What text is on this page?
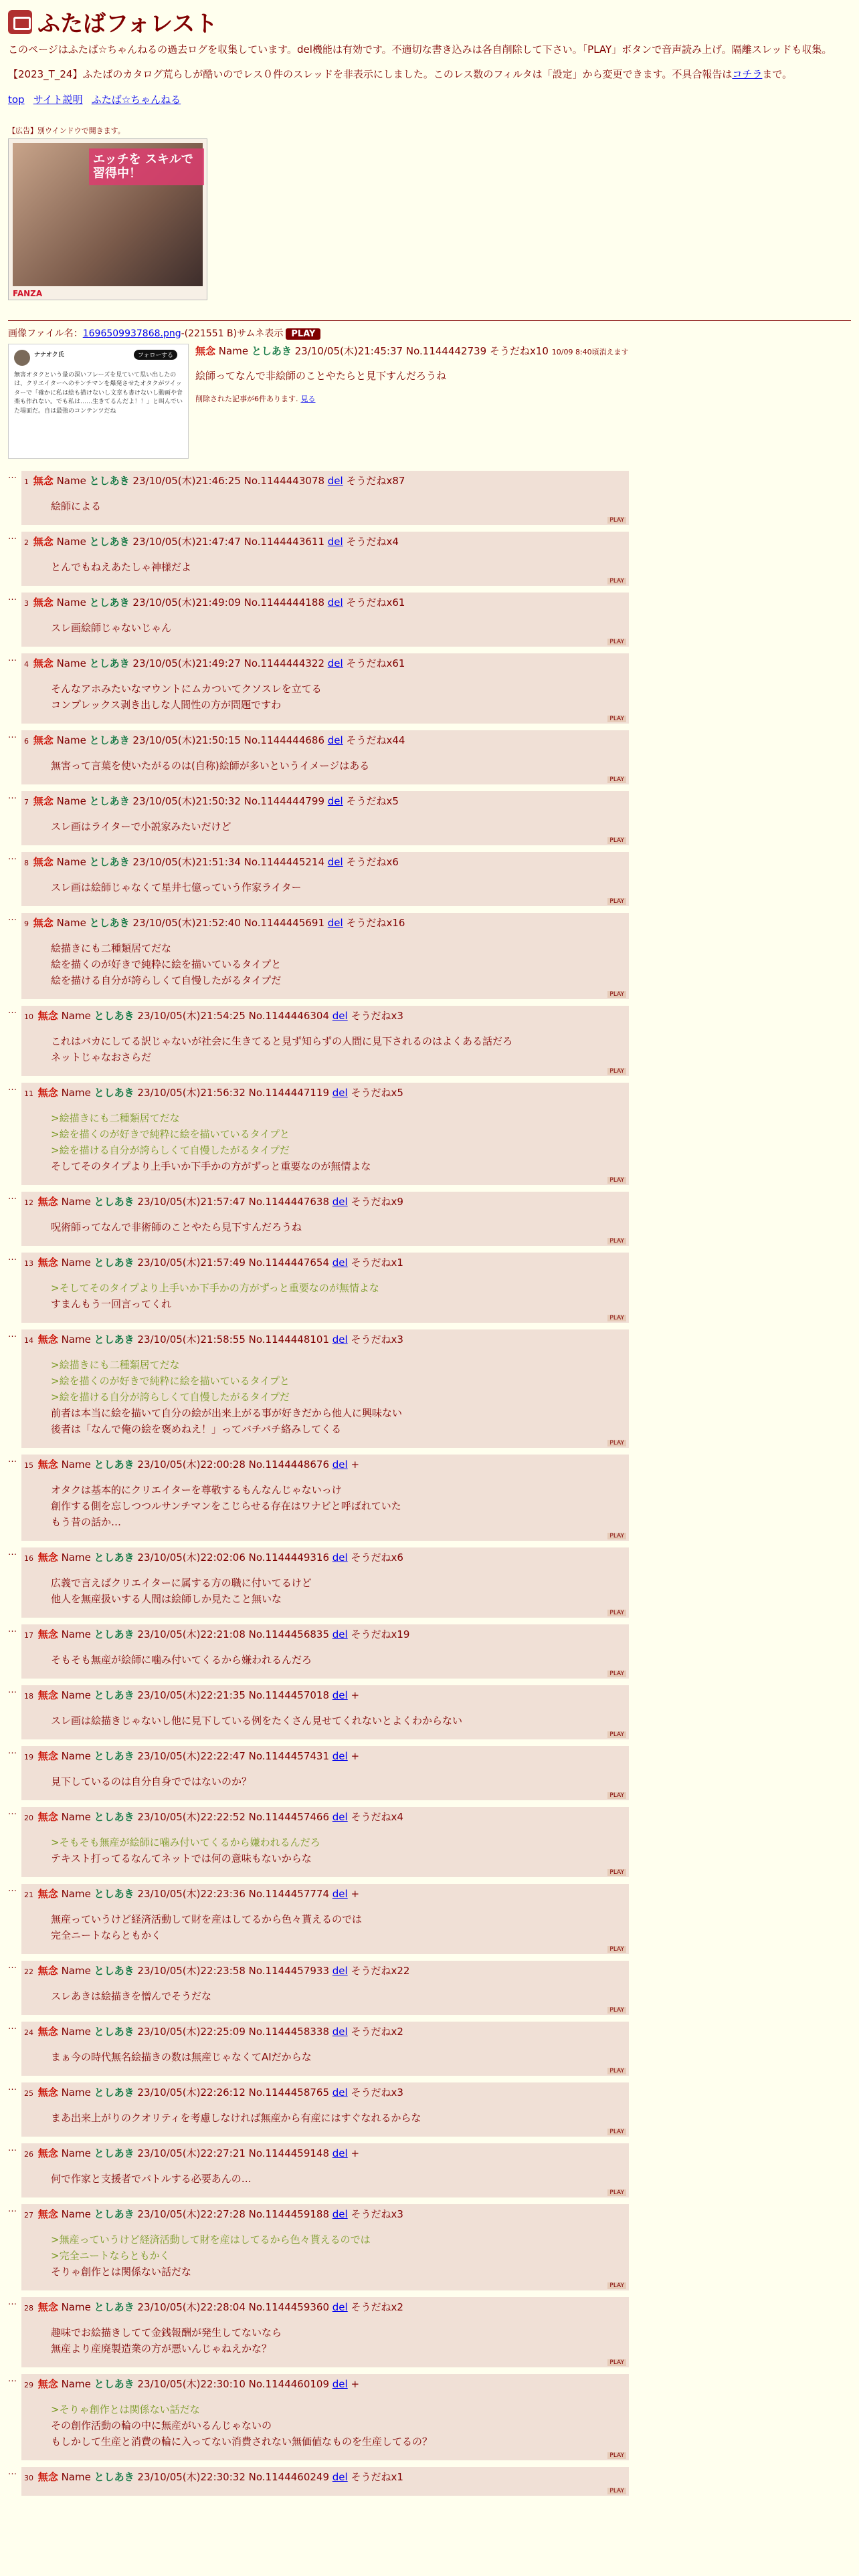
ふたばフォレスト

このページはふたば☆ちゃんねるの過去ログを収集しています。del機能は有効です。不適切な書き込みは各自削除して下さい。「PLAY」ボタンで音声読み上げ。隔離スレッドも収集。

【2023_T_24】ふたばのカタログ荒らしが酷いのでレス０件のスレッドを非表示にしました。このレス数のフィルタは「設定」から変更できます。不具合報告はコチラまで。

top サイト説明 ふたば☆ちゃんねる
【広告】別ウインドウで開きます。
エッチを スキルで習得中！
FANZA
画像ファイル名：1696509937868.png-(221551 B)サムネ表示 PLAY
ナナオク氏	フォローする
無害オタクという量の深いフレーズを見ていて思い出したのは、クリエイターへのサンチマンを爆発させたオタクがツイッターで「確かに私は絵も描けないし文章も書けないし動画や音楽も作れない。でも私は……生きてるんだよ！！」と叫んでいた場面だ。自は最強のコンテンツだね
無念 Name としあき 23/10/05(木)21:45:37 No.1144442739 そうだねx10 10/09 8:40頃消えます
絵師ってなんで非絵師のことやたらと見下すんだろうね
削除された記事が6件あります. 見る
…
1 無念 Name としあき 23/10/05(木)21:46:25 No.1144443078 del そうだねx87
絵師による
PLAY
…
2 無念 Name としあき 23/10/05(木)21:47:47 No.1144443611 del そうだねx4
とんでもねえあたしゃ神様だよ
PLAY
…
3 無念 Name としあき 23/10/05(木)21:49:09 No.1144444188 del そうだねx61
スレ画絵師じゃないじゃん
PLAY
…
4 無念 Name としあき 23/10/05(木)21:49:27 No.1144444322 del そうだねx61
そんなアホみたいなマウントにムカついてクソスレを立てる
コンプレックス剥き出しな人間性の方が問題ですわ
PLAY
…
6 無念 Name としあき 23/10/05(木)21:50:15 No.1144444686 del そうだねx44
無害って言葉を使いたがるのは(自称)絵師が多いというイメージはある
PLAY
…
7 無念 Name としあき 23/10/05(木)21:50:32 No.1144444799 del そうだねx5
スレ画はライターで小説家みたいだけど
PLAY
…
8 無念 Name としあき 23/10/05(木)21:51:34 No.1144445214 del そうだねx6
スレ画は絵師じゃなくて星井七億っていう作家ライター
PLAY
…
9 無念 Name としあき 23/10/05(木)21:52:40 No.1144445691 del そうだねx16
絵描きにも二種類居てだな
絵を描くのが好きで純粋に絵を描いているタイプと
絵を描ける自分が誇らしくて自慢したがるタイプだ
PLAY
…
10 無念 Name としあき 23/10/05(木)21:54:25 No.1144446304 del そうだねx3
これはバカにしてる訳じゃないが社会に生きてると見ず知らずの人間に見下されるのはよくある話だろ
ネットじゃなおさらだ
PLAY
…
11 無念 Name としあき 23/10/05(木)21:56:32 No.1144447119 del そうだねx5
>絵描きにも二種類居てだな
>絵を描くのが好きで純粋に絵を描いているタイプと
>絵を描ける自分が誇らしくて自慢したがるタイプだ
そしてそのタイプより上手いか下手かの方がずっと重要なのが無情よな
PLAY
…
12 無念 Name としあき 23/10/05(木)21:57:47 No.1144447638 del そうだねx9
呪術師ってなんで非術師のことやたら見下すんだろうね
PLAY
…
13 無念 Name としあき 23/10/05(木)21:57:49 No.1144447654 del そうだねx1
>そしてそのタイプより上手いか下手かの方がずっと重要なのが無情よな
すまんもう一回言ってくれ
PLAY
…
14 無念 Name としあき 23/10/05(木)21:58:55 No.1144448101 del そうだねx3
>絵描きにも二種類居てだな
>絵を描くのが好きで純粋に絵を描いているタイプと
>絵を描ける自分が誇らしくて自慢したがるタイプだ
前者は本当に絵を描いて自分の絵が出来上がる事が好きだから他人に興味ない
後者は「なんで俺の絵を褒めねえ！」ってバチバチ絡みしてくる
PLAY
…
15 無念 Name としあき 23/10/05(木)22:00:28 No.1144448676 del +
オタクは基本的にクリエイターを尊敬するもんなんじゃないっけ
創作する側を忘しつつルサンチマンをこじらせる存在はワナビと呼ばれていた
もう昔の話か…
PLAY
…
16 無念 Name としあき 23/10/05(木)22:02:06 No.1144449316 del そうだねx6
広義で言えばクリエイターに属する方の職に付いてるけど
他人を無産扱いする人間は絵師しか見たこと無いな
PLAY
…
17 無念 Name としあき 23/10/05(木)22:21:08 No.1144456835 del そうだねx19
そもそも無産が絵師に噛み付いてくるから嫌われるんだろ
PLAY
…
18 無念 Name としあき 23/10/05(木)22:21:35 No.1144457018 del +
スレ画は絵描きじゃないし他に見下している例をたくさん見せてくれないとよくわからない
PLAY
…
19 無念 Name としあき 23/10/05(木)22:22:47 No.1144457431 del +
見下しているのは自分自身でではないのか？
PLAY
…
20 無念 Name としあき 23/10/05(木)22:22:52 No.1144457466 del そうだねx4
>そもそも無産が絵師に噛み付いてくるから嫌われるんだろ
テキスト打ってるなんてネットでは何の意味もないからな
PLAY
…
21 無念 Name としあき 23/10/05(木)22:23:36 No.1144457774 del +
無産っていうけど経済活動して財を産はしてるから色々貰えるのでは
完全ニートならともかく
PLAY
…
22 無念 Name としあき 23/10/05(木)22:23:58 No.1144457933 del そうだねx22
スレあきは絵描きを憎んでそうだな
PLAY
…
24 無念 Name としあき 23/10/05(木)22:25:09 No.1144458338 del そうだねx2
まぁ今の時代無名絵描きの数は無産じゃなくてAIだからな
PLAY
…
25 無念 Name としあき 23/10/05(木)22:26:12 No.1144458765 del そうだねx3
まあ出来上がりのクオリティを考慮しなければ無産から有産にはすぐなれるからな
PLAY
…
26 無念 Name としあき 23/10/05(木)22:27:21 No.1144459148 del +
何で作家と支援者でバトルする必要あんの…
PLAY
…
27 無念 Name としあき 23/10/05(木)22:27:28 No.1144459188 del そうだねx3
>無産っていうけど経済活動して財を産はしてるから色々貰えるのでは
>完全ニートならともかく
そりゃ創作とは関係ない話だな
PLAY
…
28 無念 Name としあき 23/10/05(木)22:28:04 No.1144459360 del そうだねx2
趣味でお絵描きしてて金銭報酬が発生してないなら
無産より産廃製造業の方が悪いんじゃねえかな？
PLAY
…
29 無念 Name としあき 23/10/05(木)22:30:10 No.1144460109 del +
>そりゃ創作とは関係ない話だな
その創作活動の輪の中に無産がいるんじゃないの
もしかして生産と消費の輪に入ってない消費されない無価値なものを生産してるの？
PLAY
…
30 無念 Name としあき 23/10/05(木)22:30:32 No.1144460249 del そうだねx1
PLAY
